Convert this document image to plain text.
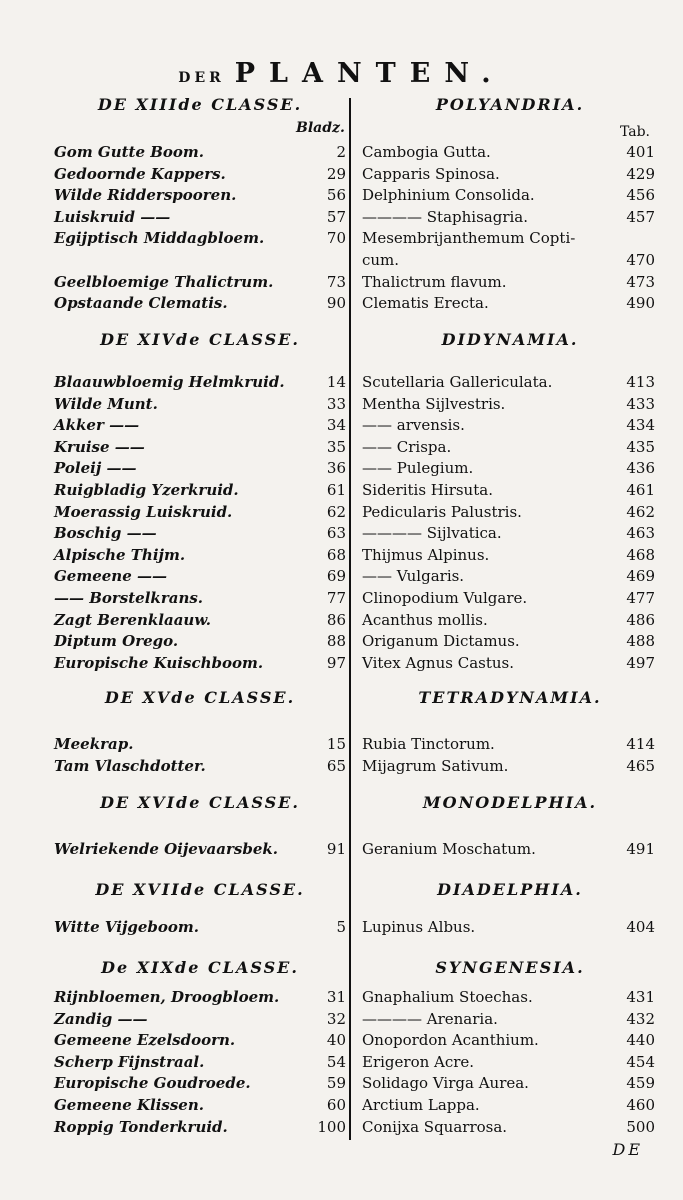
DER PLANTEN.
DE XIIIde CLASSE.	POLYANDRIA.
Bladz.	Tab.
Gom Gutte Boom.	2 Cambogia Gutta.	401
Gedoornde Kappers.	29 Capparis Spinosa.	429
Wilde Ridderspooren.	56 Delphinium Consolida.	456
Luiskruid ——	57 ———— Staphisagria.	457
Egijptisch Middagbloem.	70 Mesembrijanthemum Copti-
cum.	470
Geelbloemige Thalictrum.	73 Thalictrum flavum.	473
Opstaande Clematis.	90 Clematis Erecta.	490
DE XIVde CLASSE.	DIDYNAMIA.
Blaauwbloemig Helmkruid.	14 Scutellaria Gallericulata.	413
Wilde Munt.	33 Mentha Sijlvestris.	433
Akker ——	34 —— arvensis.	434
Kruise ——	35 —— Crispa.	435
Poleij ——	36 —— Pulegium.	436
Ruigbladig Yzerkruid.	61 Sideritis Hirsuta.	461
Moerassig Luiskruid.	62 Pedicularis Palustris.	462
Boschig ——	63 ———— Sijlvatica.	463
Alpische Thijm.	68 Thijmus Alpinus.	468
Gemeene ——	69 —— Vulgaris.	469
—— Borstelkrans.	77 Clinopodium Vulgare.	477
Zagt Berenklaauw.	86 Acanthus mollis.	486
Diptum Orego.	88 Origanum Dictamus.	488
Europische Kuischboom.	97 Vitex Agnus Castus.	497
DE XVde CLASSE.	TETRADYNAMIA.
Meekrap.	15 Rubia Tinctorum.	414
Tam Vlaschdotter.	65 Mijagrum Sativum.	465
DE XVIde CLASSE.	MONODELPHIA.
Welriekende Oijevaarsbek.	91 Geranium Moschatum.	491
DE XVIIde CLASSE.	DIADELPHIA.
Witte Vijgeboom.	5 Lupinus Albus.	404
De XIXde CLASSE.	SYNGENESIA.
Rijnbloemen, Droogbloem.	31 Gnaphalium Stoechas.	431
Zandig ——	32 ———— Arenaria.	432
Gemeene Ezelsdoorn.	40 Onopordon Acanthium.	440
Scherp Fijnstraal.	54 Erigeron Acre.	454
Europische Goudroede.	59 Solidago Virga Aurea.	459
Gemeene Klissen.	60 Arctium Lappa.	460
Roppig Tonderkruid.	100 Conijxa Squarrosa.	500
DE
